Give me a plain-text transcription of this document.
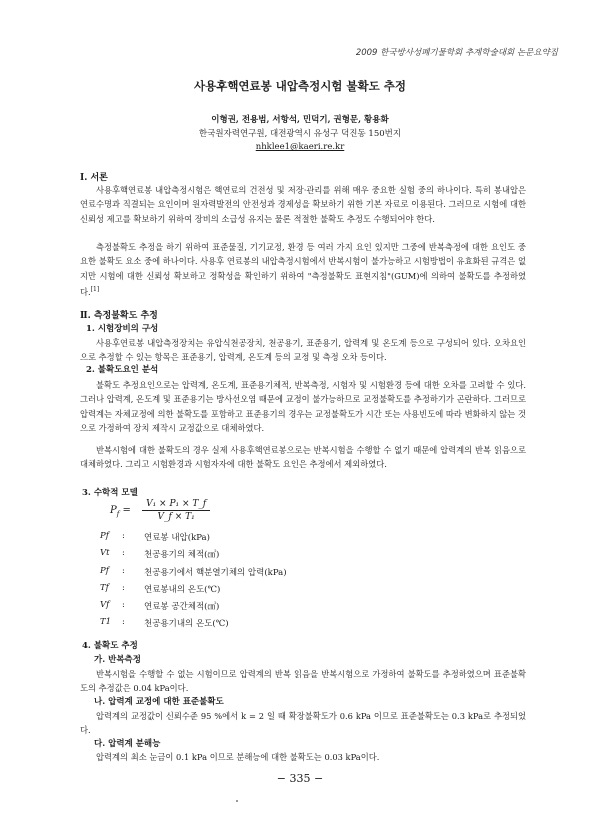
2009 한국방사성폐기물학회 추계학술대회 논문요약집
사용후핵연료봉 내압측정시험 불확도 추정
이형권, 전용범, 서항석, 민덕기, 권형문, 황용화
한국원자력연구원, 대전광역시 유성구 덕진동 150번지
nhklee1@kaeri.re.kr
Ⅰ. 서론

사용후핵연료봉 내압측정시험은 핵연료의 건전성 및 저장·관리를 위해 매우 중요한 실험 중의 하나이다. 특히 봉내압은 연료수명과 직결되는 요인이며 원자력발전의 안전성과 경제성을 확보하기 위한 기본 자료로 이용된다. 그러므로 시험에 대한 신뢰성 제고를 확보하기 위하여 장비의 소급성 유지는 물론 적절한 불확도 추정도 수행되어야 한다.

측정불확도 추정을 하기 위하여 표준물질, 기기교정, 환경 등 여러 가지 요인 있지만 그중에 반복측정에 대한 요인도 중요한 불확도 요소 중에 하나이다. 사용후 연료봉의 내압측정시험에서 반복시험이 불가능하고 시험방법이 유효화된 규격은 없지만 시험에 대한 신뢰성 확보하고 정확성을 확인하기 위하여 "측정불확도 표현지침"(GUM)에 의하여 불확도를 추정하였다.[1]

Ⅱ. 측정불확도 추정
1. 시험장비의 구성

사용후연료봉 내압측정장치는 유압식천공장치, 천공용기, 표준용기, 압력계 및 온도계 등으로 구성되어 있다. 오차요인으로 추정할 수 있는 항목은 표준용기, 압력계, 온도계 등의 교정 및 측정 오차 등이다.

2. 불확도요인 분석

불확도 추정요인으로는 압력계, 온도계, 표준용기체적, 반복측정, 시험자 및 시험환경 등에 대한 오차를 고려할 수 있다. 그러나 압력계, 온도계 및 표준용기는 방사선오염 때문에 교정이 불가능하므로 교정불확도를 추정하기가 곤란하다. 그러므로 압력계는 자체교정에 의한 불확도를 포함하고 표준용기의 경우는 교정불확도가 시간 또는 사용빈도에 따라 변화하지 않는 것으로 가정하여 장치 제작시 교정값으로 대체하였다.

반복시험에 대한 불확도의 경우 실제 사용후핵연료봉으로는 반복시험을 수행할 수 없기 때문에 압력계의 반복 읽음으로 대체하였다. 그리고 시험환경과 시험자자에 대한 불확도 요인은 추정에서 제외하였다.

3. 수학적 모델
$P_f = \frac{\text{V₁ × P₁ × T\_f}}{\text{V\_f × T₁}}$
Pf	:	연료봉 내압(kPa)
Vt	:	천공용기의 체적(㎤)
Pf	:	천공용기에서 핵분열기체의 압력(kPa)
Tf	:	연료봉내의 온도(℃)
Vf	:	연료봉 공간체적(㎤)
T1	:	천공용기내의 온도(℃)
4. 불확도 추정
가. 반복측정

반복시험을 수행할 수 없는 시험이므로 압력계의 반복 읽음을 반복시험으로 가정하여 불확도를 추정하였으며 표준불확도의 추정값은 0.04 kPa이다.

나. 압력계 교정에 대한 표준불확도

압력계의 교정값이 신뢰수준 95 %에서 k = 2 일 때 확장불확도가 0.6 kPa 이므로 표준불확도는 0.3 kPa로 추정되었다.

다. 압력계 분해능

압력계의 최소 눈금이 0.1 kPa 이므로 분해능에 대한 불확도는 0.03 kPa이다.

− 335 −
